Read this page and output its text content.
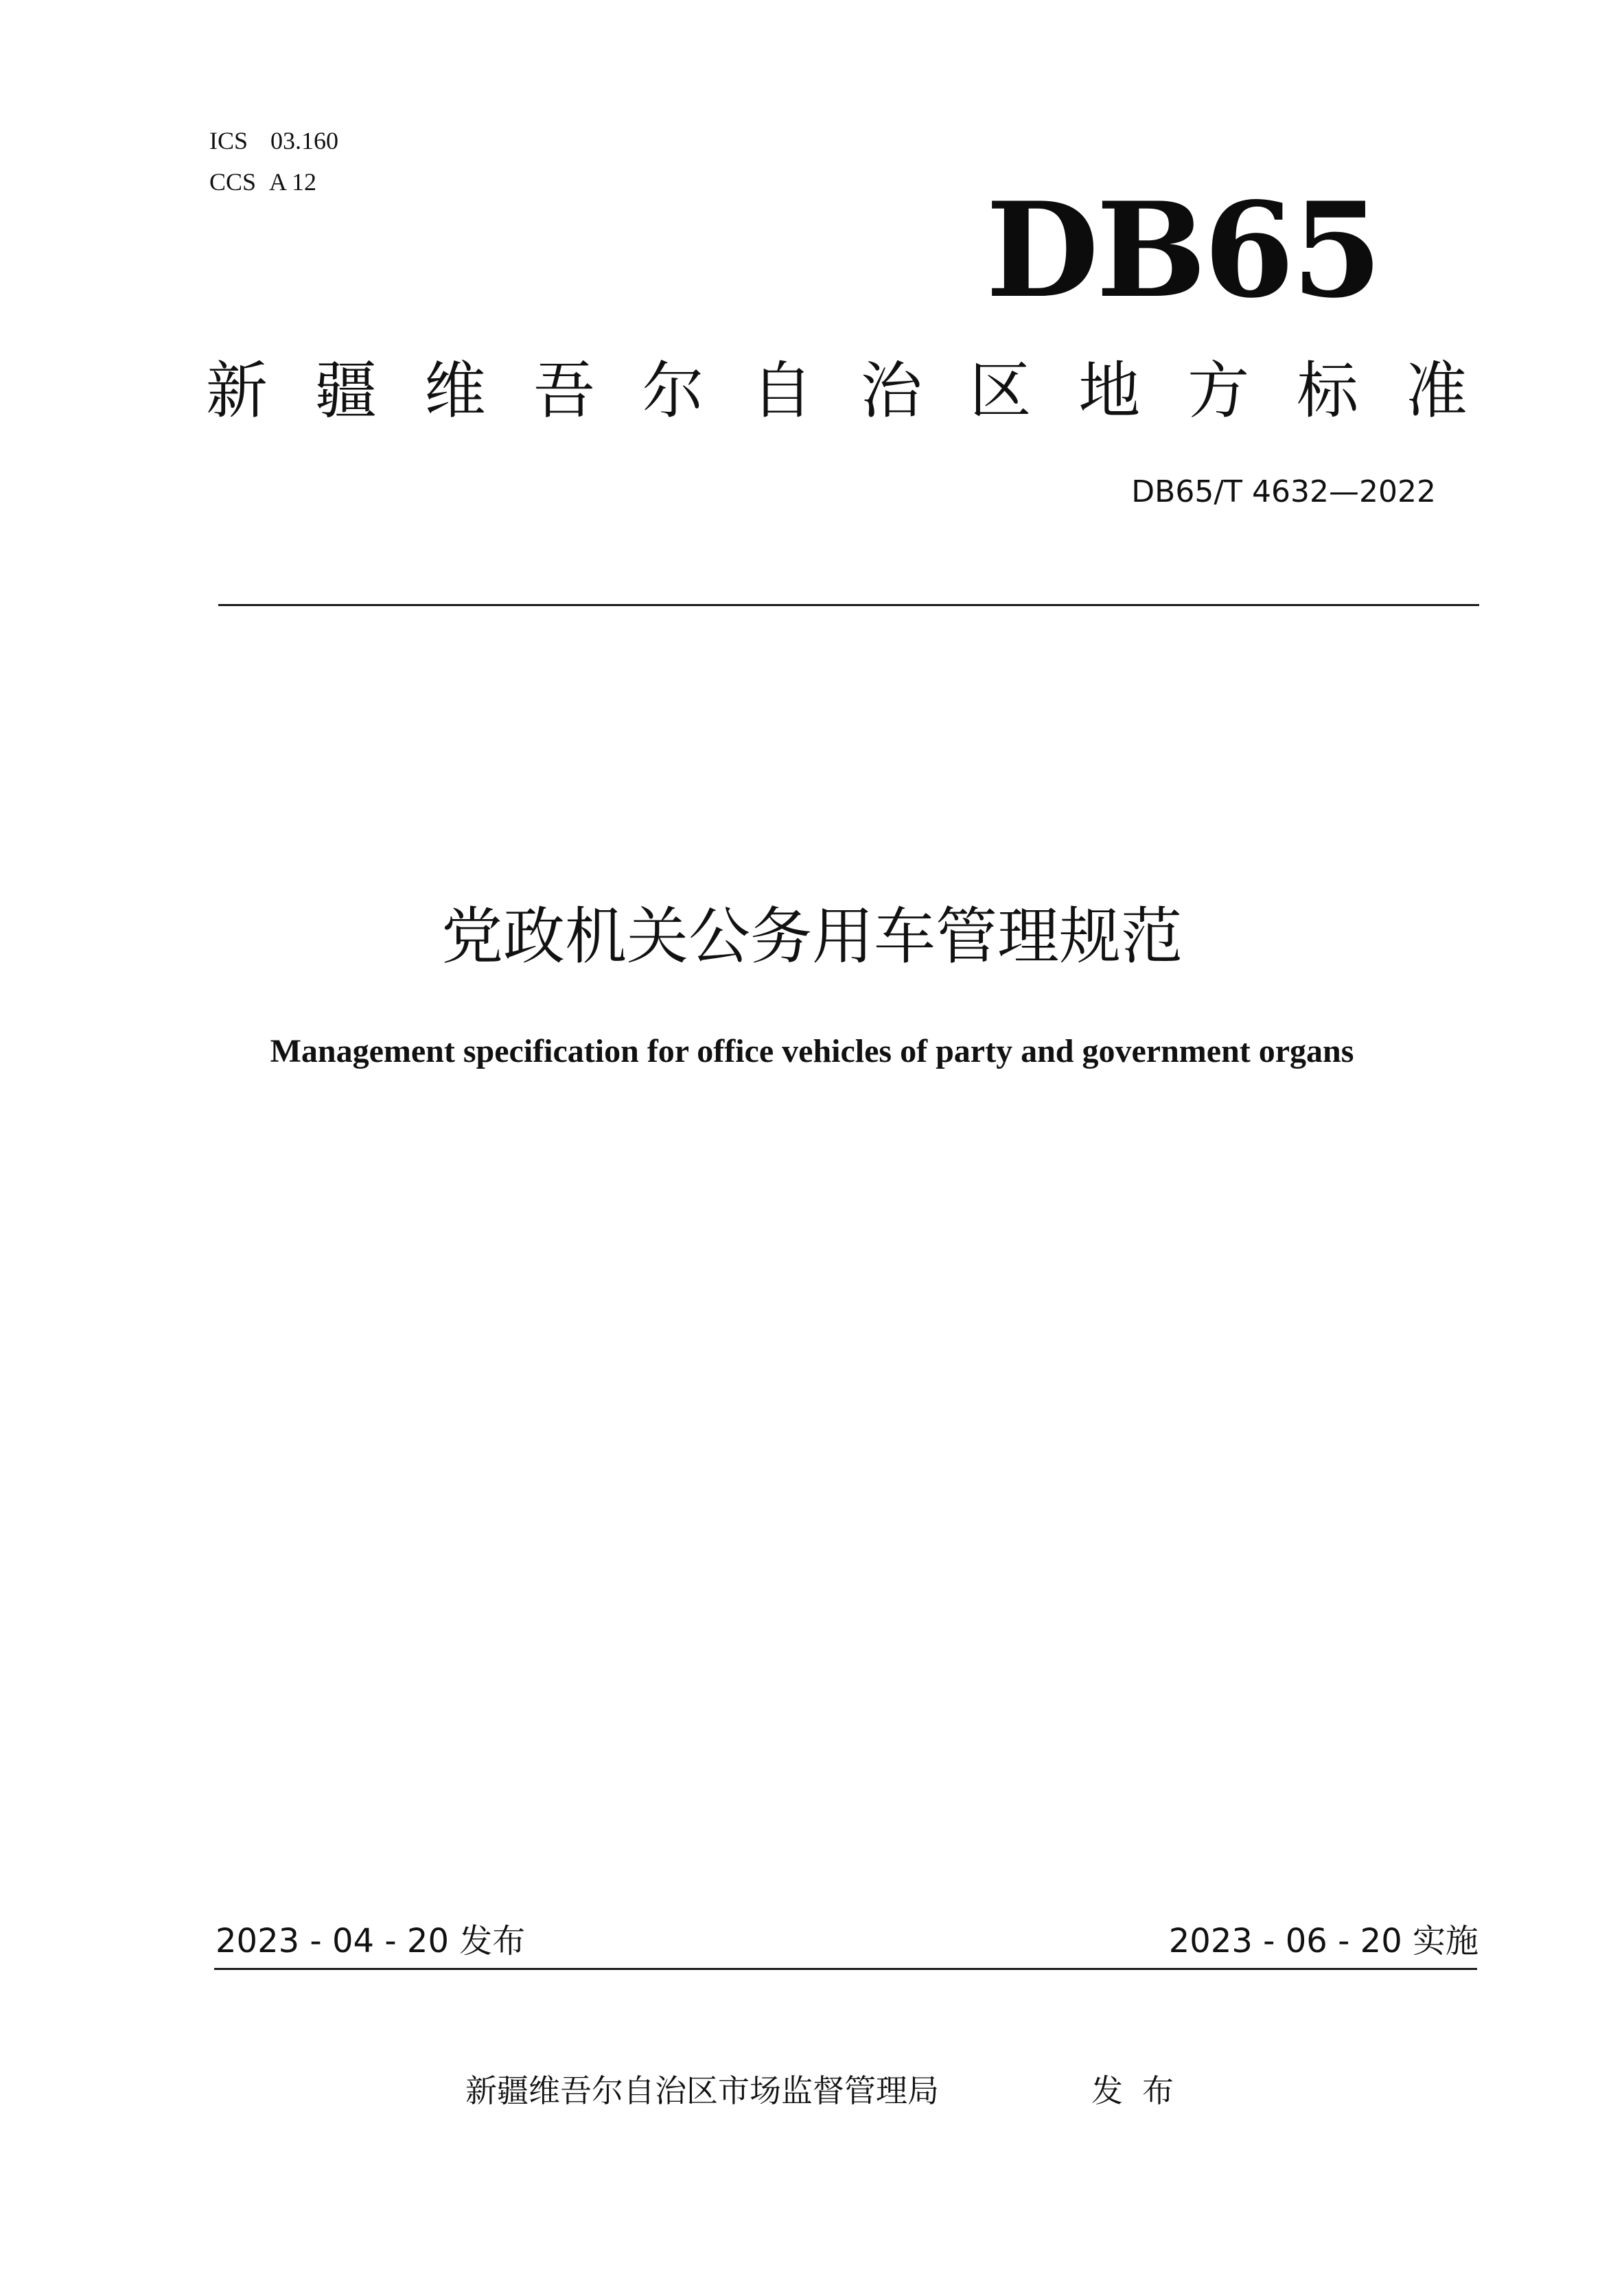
ICS 03.160
CCS A 12	DB65
新 疆 维 吾 尔 自 治 区 地 方 标 准
DB65/T 4632—2022
党政机关公务用车管理规范
Management specification for office vehicles of party and government organs
2023 - 04 - 20 发布	2023 - 06 - 20 实施
新疆维吾尔自治区市场监督管理局	发布
